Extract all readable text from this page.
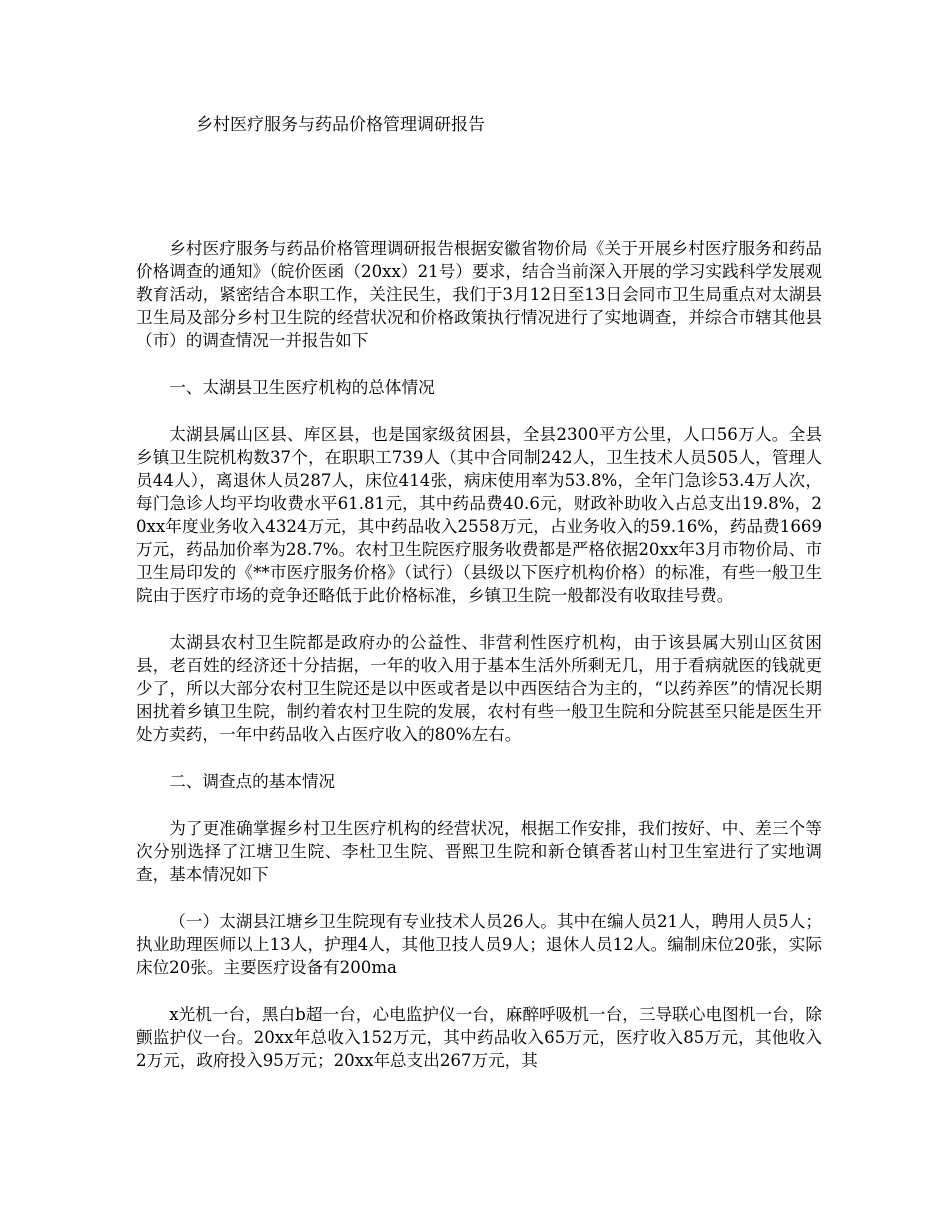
乡村医疗服务与药品价格管理调研报告

乡村医疗服务与药品价格管理调研报告根据安徽省物价局《关于开展乡村医疗服务和药品价格调查的通知》（皖价医函（20xx）21号）要求，结合当前深入开展的学习实践科学发展观教育活动，紧密结合本职工作，关注民生，我们于3月12日至13日会同市卫生局重点对太湖县卫生局及部分乡村卫生院的经营状况和价格政策执行情况进行了实地调查，并综合市辖其他县（市）的调查情况一并报告如下

一、太湖县卫生医疗机构的总体情况

太湖县属山区县、库区县，也是国家级贫困县，全县2300平方公里，人口56万人。全县乡镇卫生院机构数37个，在职职工739人（其中合同制242人，卫生技术人员505人，管理人员44人），离退休人员287人，床位414张，病床使用率为53.8%，全年门急诊53.4万人次，每门急诊人均平均收费水平61.81元，其中药品费40.6元，财政补助收入占总支出19.8%，20xx年度业务收入4324万元，其中药品收入2558万元，占业务收入的59.16%，药品费1669万元，药品加价率为28.7%。农村卫生院医疗服务收费都是严格依据20xx年3月市物价局、市卫生局印发的《**市医疗服务价格》（试行）（县级以下医疗机构价格）的标准，有些一般卫生院由于医疗市场的竞争还略低于此价格标准，乡镇卫生院一般都没有收取挂号费。

太湖县农村卫生院都是政府办的公益性、非营利性医疗机构，由于该县属大别山区贫困县，老百姓的经济还十分拮据，一年的收入用于基本生活外所剩无几，用于看病就医的钱就更少了，所以大部分农村卫生院还是以中医或者是以中西医结合为主的，“以药养医”的情况长期困扰着乡镇卫生院，制约着农村卫生院的发展，农村有些一般卫生院和分院甚至只能是医生开处方卖药，一年中药品收入占医疗收入的80%左右。

二、调查点的基本情况

为了更准确掌握乡村卫生医疗机构的经营状况，根据工作安排，我们按好、中、差三个等次分别选择了江塘卫生院、李杜卫生院、晋熙卫生院和新仓镇香茗山村卫生室进行了实地调查，基本情况如下

（一）太湖县江塘乡卫生院现有专业技术人员26人。其中在编人员21人，聘用人员5人；执业助理医师以上13人，护理4人，其他卫技人员9人；退休人员12人。编制床位20张，实际床位20张。主要医疗设备有200ma

x光机一台，黑白b超一台，心电监护仪一台，麻醉呼吸机一台，三导联心电图机一台，除颤监护仪一台。20xx年总收入152万元，其中药品收入65万元，医疗收入85万元，其他收入2万元，政府投入95万元；20xx年总支出267万元，其
